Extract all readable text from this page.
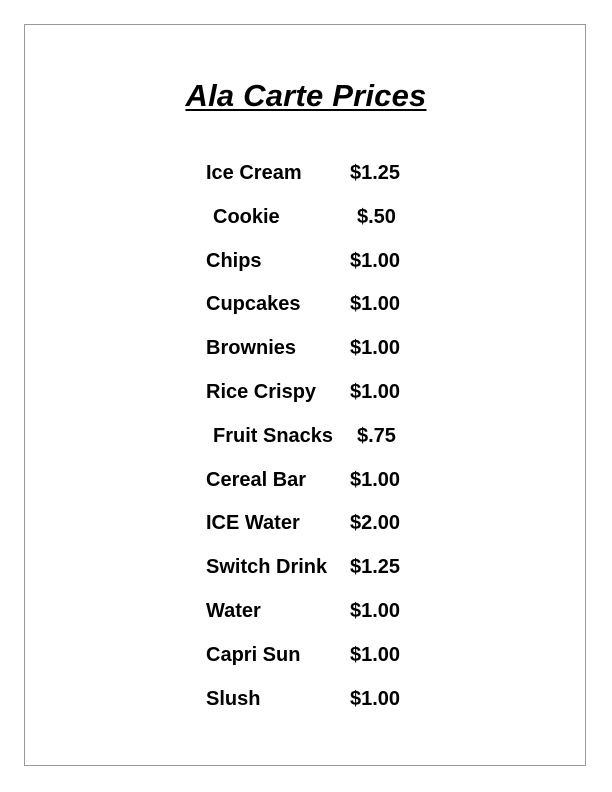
Ala Carte Prices
Ice Cream $1.25
Cookie	$.50
Chips	$1.00
Cupcakes $1.00
Brownies	$1.00
Rice Crispy $1.00
Fruit Snacks $.75
Cereal Bar $1.00
ICE Water	$2.00
Switch Drink $1.25
Water	$1.00
Capri Sun $1.00
Slush	$1.00
